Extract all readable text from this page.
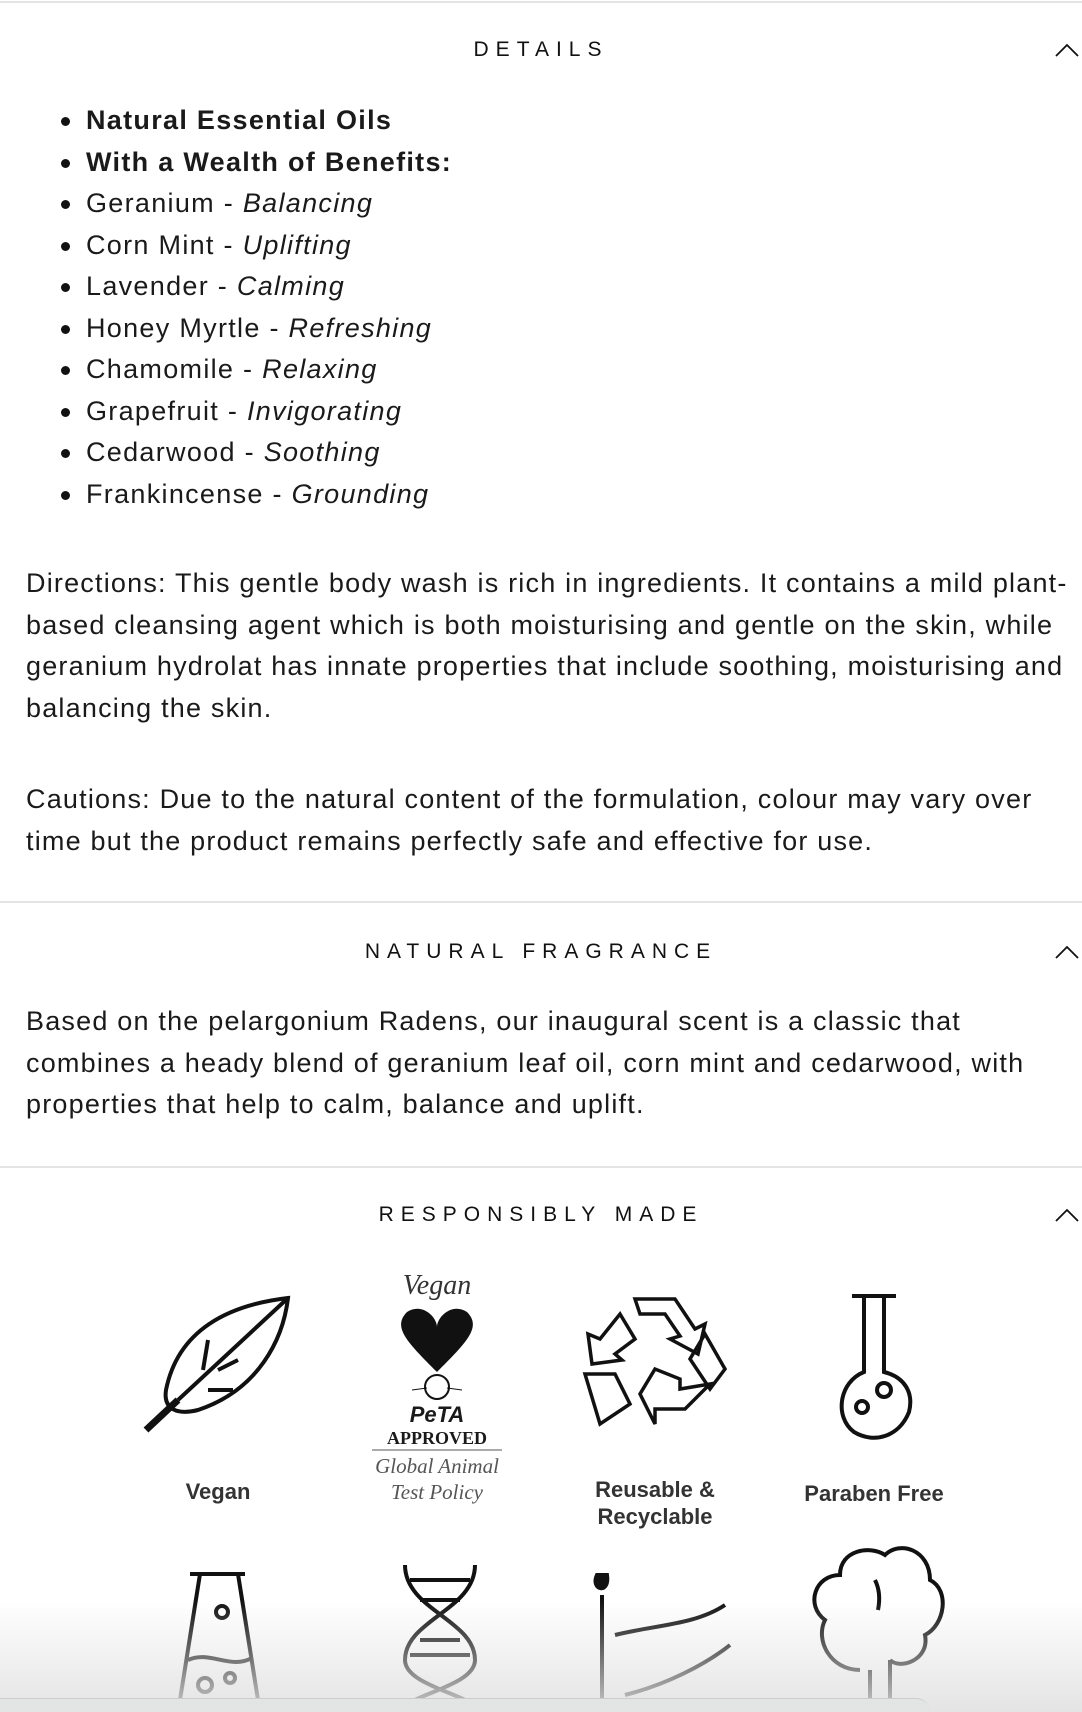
DETAILS
Natural Essential Oils
With a Wealth of Benefits:
Geranium - Balancing
Corn Mint - Uplifting
Lavender - Calming
Honey Myrtle - Refreshing
Chamomile - Relaxing
Grapefruit - Invigorating
Cedarwood - Soothing
Frankincense - Grounding

Directions: This gentle body wash is rich in ingredients. It contains a mild plant-based cleansing agent which is both moisturising and gentle on the skin, while geranium hydrolat has innate properties that include soothing, moisturising and balancing the skin.

Cautions: Due to the natural content of the formulation, colour may vary over time but the product remains perfectly safe and effective for use.

NATURAL FRAGRANCE

Based on the pelargonium Radens, our inaugural scent is a classic that combines a heady blend of geranium leaf oil, corn mint and cedarwood, with properties that help to calm, balance and uplift.

RESPONSIBLY MADE
Vegan
Vegan
PeTA
APPROVED
Global Animal Test Policy	Reusable & Recyclable
Paraben Free
